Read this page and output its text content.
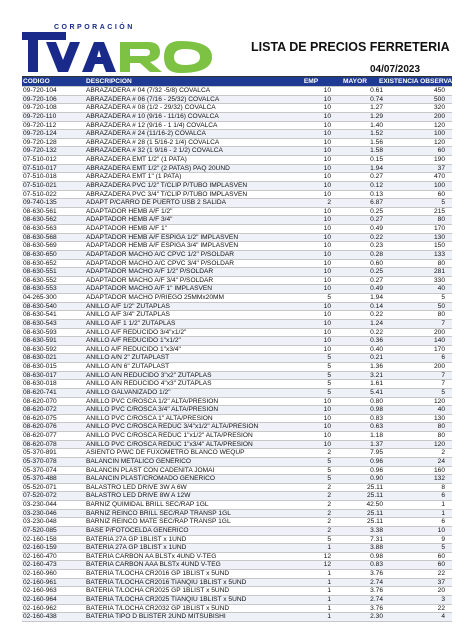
CORPORACIÓN
LISTA DE PRECIOS FERRETERIA
04/07/2023
CODIGO	DESCRIPCION	EMP	MAYOR	EXISTENCIA OBSERVACION
09-720-104	ABRAZADERA # 04 (7/32 -5/8) COVALCA	10	0.61	450
09-720-106	ABRAZADERA # 06 (7/16 - 25/32) COVALCA	10	0.74	500
09-720-108	ABRAZADERA # 08 (1/2 - 29/32) COVALCA	10	1.27	320
09-720-110	ABRAZADERA # 10 (9/16 - 11/16) COVALCA	10	1.29	200
09-720-112	ABRAZADERA # 12 (9/16 - 1 1/4) COVALCA	10	1.40	120
09-720-124	ABRAZADERA # 24 (11/16-2) COVALCA	10	1.52	100
09-720-128	ABRAZADERA # 28 (1 5/16-2 1/4) COVALCA	10	1.56	120
09-720-132	ABRAZADERA # 32 (1 9/16 - 2 1/2) COVALCA	10	1.58	60
07-510-012	ABRAZADERA EMT 1/2" (1 PATA)	10	0.15	190
07-510-017	ABRAZADERA EMT 1/2" (2 PATAS) PAQ 20UND	10	1.94	37
07-510-018	ABRAZADERA EMT 1" (1 PATA)	10	0.27	470
07-510-021	ABRAZADERA PVC 1/2" T/CLIP P/TUBO IMPLASVEN	10	0.12	100
07-510-022	ABRAZADERA PVC 3/4" T/CLIP P/TUBO IMPLASVEN	10	0.13	60
09-740-135	ADAPT P/CARRO DE PUERTO USB 2 SALIDA	2	6.87	5
08-630-561	ADAPTADOR HEMB A/F 1/2"	10	0.25	215
08-630-562	ADAPTADOR HEMB A/F 3/4"	10	0.27	80
08-630-563	ADAPTADOR HEMB A/F 1"	10	0.49	170
08-630-568	ADAPTADOR HEMB A/F ESPIGA 1/2" IMPLASVEN	10	0.22	130
08-630-569	ADAPTADOR HEMB A/F ESPIGA 3/4" IMPLASVEN	10	0.23	150
08-630-650	ADAPTADOR MACHO A/C CPVC 1/2" P/SOLDAR	10	0.28	133
08-630-652	ADAPTADOR MACHO A/C CPVC 3/4" P/SOLDAR	10	0.60	80
08-630-551	ADAPTADOR MACHO A/F 1/2" P/SOLDAR	10	0.25	281
08-630-552	ADAPTADOR MACHO A/F 3/4" P/SOLDAR	10	0.27	330
08-630-553	ADAPTADOR MACHO A/F 1" IMPLASVEN	10	0.49	40
04-265-300	ADAPTADOR MACHO P/RIEGO 25MMx20MM	5	1.94	5
08-630-540	ANILLO A/F 1/2" ZUTAPLAS	10	0.14	50
08-630-541	ANILLO A/F 3/4" ZUTAPLAS	10	0.22	80
08-630-543	ANILLO A/F 1 1/2" ZUTAPLAS	10	1.24	7
08-630-593	ANILLO A/F REDUCIDO 3/4"x1/2"	10	0.22	200
08-630-591	ANILLO A/F REDUCIDO 1"x1/2"	10	0.36	140
08-630-592	ANILLO A/F REDUCIDO 1"x3/4"	10	0.40	170
08-630-021	ANILLO A/N 2" ZUTAPLAST	5	0.21	6
08-630-015	ANILLO A/N 6" ZUTAPLAST	5	1.36	200
08-630-017	ANILLO A/N REDUCIDO 3"x2" ZUTAPLAS	5	3.21	7
08-630-018	ANILLO A/N REDUCIDO 4"x3" ZUTAPLAS	5	1.61	7
08-620-741	ANILLO GALVANIZADO 1/2"	5	5.41	5
08-620-070	ANILLO PVC C/ROSCA 1/2" ALTA/PRESION	10	0.80	120
08-620-072	ANILLO PVC C/ROSCA 3/4" ALTA/PRESION	10	0.98	40
08-620-075	ANILLO PVC C/ROSCA 1" ALTA/PRESION	10	0.83	130
08-620-076	ANILLO PVC C/ROSCA REDUC 3/4"x1/2" ALTA/PRESION	10	0.63	80
08-620-077	ANILLO PVC C/ROSCA REDUC 1"x1/2" ALTA/PRESION	10	1.18	80
08-620-078	ANILLO PVC C/ROSCA REDUC 1"x3/4" ALTA/PRESION	10	1.37	120
05-370-891	ASIENTO P/WC DE FUXOMETRO BLANCO WEQUP	2	7.95	2
05-370-078	BALANCIN METALICO GENERICO	5	0.96	24
05-370-074	BALANCIN PLAST CON CADENITA JOMAI	5	0.96	160
05-370-488	BALANCIN PLAST/CROMADO GENERICO	5	0.90	132
05-520-071	BALASTRO LED DRIVE 3W A 6W	2	25.11	8
07-520-072	BALASTRO LED DRIVE 8W A 12W	2	25.11	6
03-230-044	BARNIZ QUIMIDAL BRILL SEC/RAP 1GL	2	42.50	1
03-230-046	BARNIZ REINCO BRILL SEC/RAP TRANSP 1GL	2	25.11	1
03-230-048	BARNIZ REINCO MATE SEC/RAP TRANSP 1GL	2	25.11	6
07-520-085	BASE P/FOTOCELDA GENERICO	2	3.38	10
02-160-158	BATERIA 27A GP 1BLIST x 1UND	5	7.31	9
02-160-159	BATERIA 27A GP 1BLIST x 1UND	1	3.88	5
02-160-470	BATERIA CARBON AA BLSTx 4UND V-TEG	12	0.98	60
02-160-473	BATERIA CARBON AAA BLSTx 4UND V-TEG	12	0.83	60
02-160-960	BATERIA T/LOCHA CR2016 GP 1BLIST x 5UND	1	3.76	22
02-160-961	BATERIA T/LOCHA CR2016 TIANQIU 1BLIST x 5UND	1	2.74	37
02-160-963	BATERIA T/LOCHA CR2025 GP 1BLIST x 5UND	1	3.76	20
02-160-964	BATERIA T/LOCHA CR2025 TIANQIU 1BLIST x 5UND	1	2.74	3
02-160-962	BATERIA T/LOCHA CR2032 GP 1BLIST x 5UND	1	3.76	22
02-160-438	BATERIA TIPO D BLISTER 2UND MITSUBISHI	1	2.30	4
